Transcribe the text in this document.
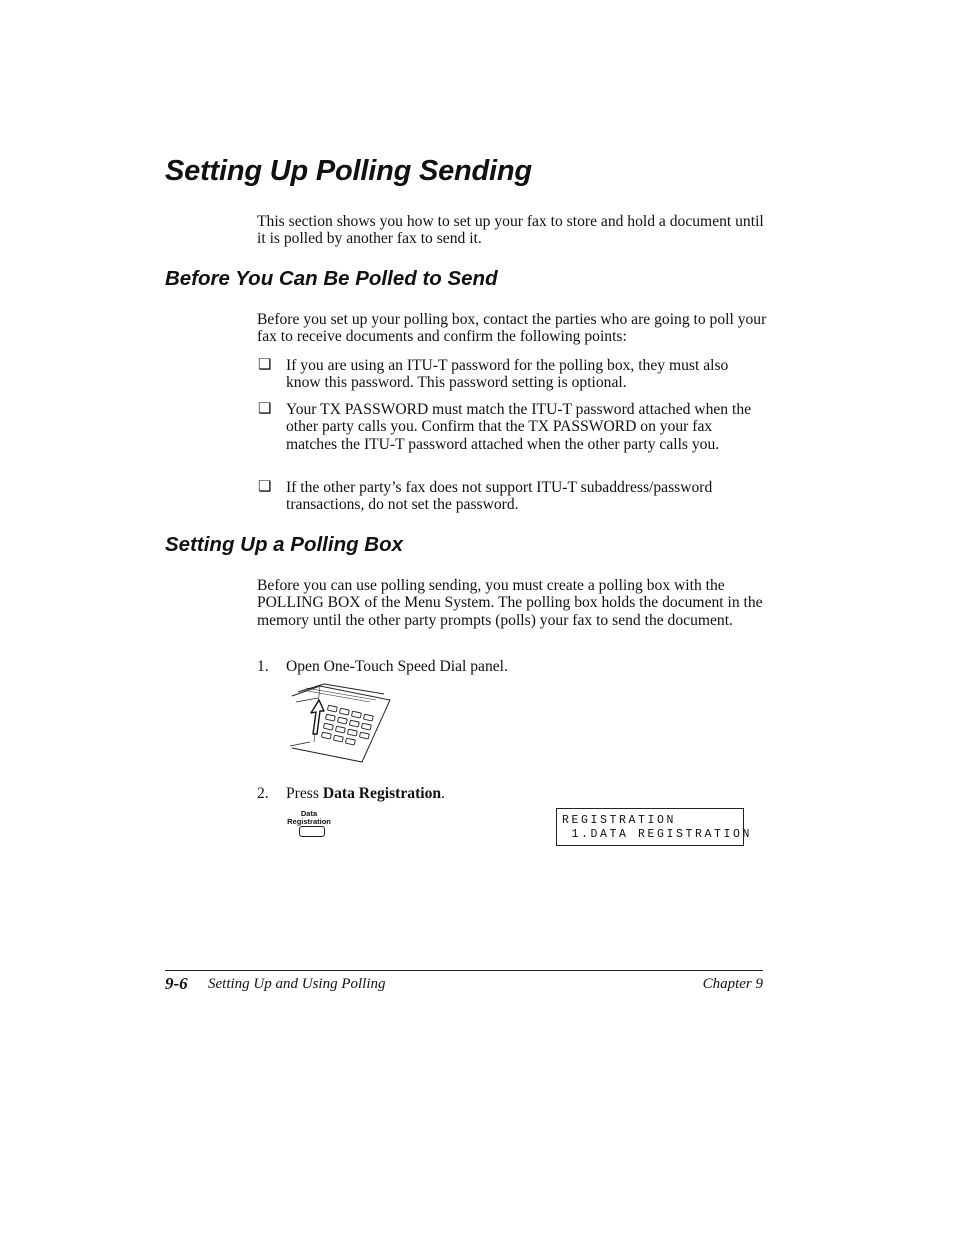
Setting Up Polling Sending
This section shows you how to set up your fax to store and hold a document until it is polled by another fax to send it.
Before You Can Be Polled to Send
Before you set up your polling box, contact the parties who are going to poll your fax to receive documents and confirm the following points:
❏ If you are using an ITU-T password for the polling box, they must also know this password. This password setting is optional.
❏ Your TX PASSWORD must match the ITU-T password attached when the other party calls you. Confirm that the TX PASSWORD on your fax matches the ITU-T password attached when the other party calls you.
❏ If the other party’s fax does not support ITU-T subaddress/password transactions, do not set the password.
Setting Up a Polling Box
Before you can use polling sending, you must create a polling box with the POLLING BOX of the Menu System. The polling box holds the document in the memory until the other party prompts (polls) your fax to send the document.
1. Open One-Touch Speed Dial panel.
2. Press Data Registration.
Data
Registration	REGISTRATION
1.DATA REGISTRATION
9-6 Setting Up and Using Polling	Chapter 9
